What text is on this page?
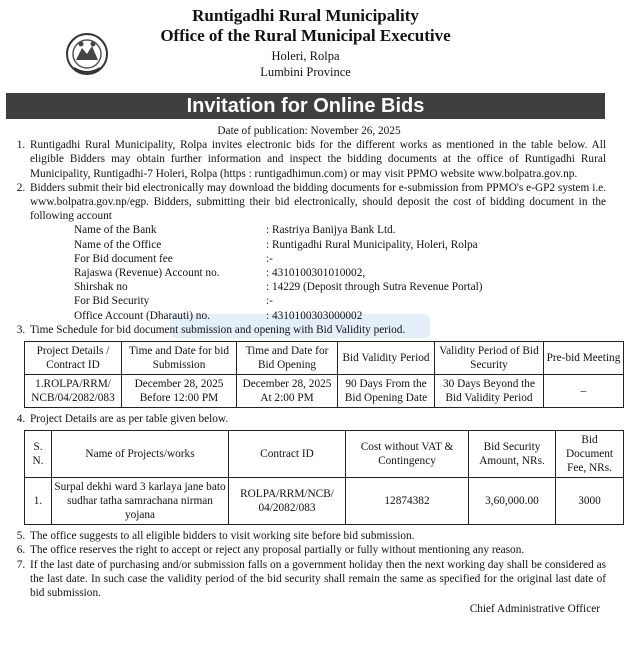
Runtigadhi Rural Municipality
Office of the Rural Municipal Executive
Holeri, Rolpa
Lumbini Province
Invitation for Online Bids
Date of publication: November 26, 2025
1. Runtigadhi Rural Municipality, Rolpa invites electronic bids for the different works as mentioned in the table below. All eligible Bidders may obtain further information and inspect the bidding documents at the office of Runtigadhi Rural Municipality, Runtigadhi-7 Holeri, Rolpa (https : runtigadhimun.com) or may visit PPMO website www.bolpatra.gov.np.
2. Bidders submit their bid electronically may download the bidding documents for e-submission from PPMO's e-GP2 system i.e. www.bolpatra.gov.np/egp. Bidders, submitting their bid electronically, should deposit the cost of bidding document in the following account
Name of the Bank	: Rastriya Banijya Bank Ltd.
Name of the Office	: Runtigadhi Rural Municipality, Holeri, Rolpa
For Bid document fee	:-
Rajaswa (Revenue) Account no.	: 4310100301010002,
Shirshak no	: 14229 (Deposit through Sutra Revenue Portal)
For Bid Security	:-
Office Account (Dharauti) no.	: 4310100303000002
3. Time Schedule for bid document submission and opening with Bid Validity period.
Project Details / Contract ID	Time and Date for bid Submission	Time and Date for Bid Opening	Bid Validity Period	Validity Period of Bid Security	Pre-bid Meeting
1.ROLPA/RRM/ NCB/04/2082/083	December 28, 2025 Before 12:00 PM	December 28, 2025 At 2:00 PM	90 Days From the Bid Opening Date	30 Days Beyond the Bid Validity Period	–
4. Project Details are as per table given below.
S. N.	Name of Projects/works	Contract ID	Cost without VAT & Contingency	Bid Security Amount, NRs.	Bid Document Fee, NRs.
1.	Surpal dekhi ward 3 karlaya jane bato sudhar tatha samrachana nirman yojana	ROLPA/RRM/NCB/ 04/2082/083	12874382	3,60,000.00	3000
5. The office suggests to all eligible bidders to visit working site before bid submission.
6. The office reserves the right to accept or reject any proposal partially or fully without mentioning any reason.
7. If the last date of purchasing and/or submission falls on a government holiday then the next working day shall be considered as the last date. In such case the validity period of the bid security shall remain the same as specified for the original last date of bid submission.
Chief Administrative Officer
